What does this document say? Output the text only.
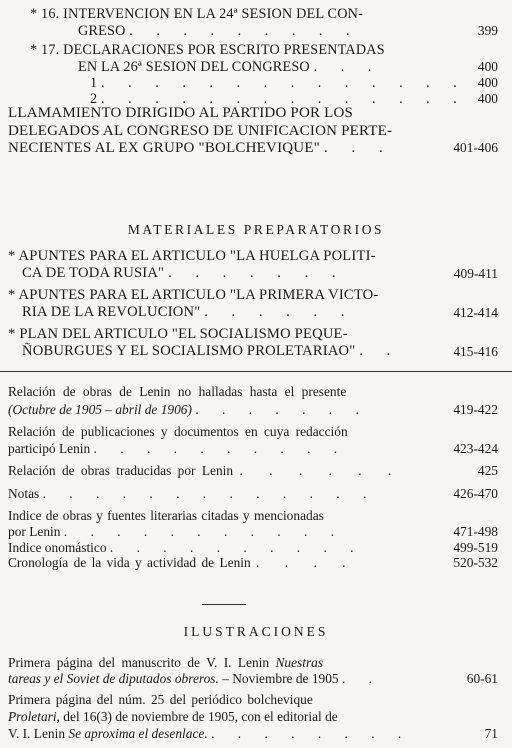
* 16. INTERVENCION EN LA 24ª SESION DEL CON-
GRESO . . . . . . . . .	399
* 17. DECLARACIONES POR ESCRITO PRESENTADAS
EN LA 26ª SESION DEL CONGRESO . . .	400
1 . . . . . . . . . . . . . . 400
2 . . . . . . . . . . . . . . 400
LLAMAMIENTO DIRIGIDO AL PARTIDO POR LOS
DELEGADOS AL CONGRESO DE UNIFICACION PERTE-
NECIENTES AL EX GRUPO "BOLCHEVIQUE" . . .	401-406
MATERIALES PREPARATORIOS
* APUNTES PARA EL ARTICULO "LA HUELGA POLITI-
CA DE TODA RUSIA" . . . . . . .	409-411
* APUNTES PARA EL ARTICULO "LA PRIMERA VICTO-
RIA DE LA REVOLUCION" . . . . . .	412-414
* PLAN DEL ARTICULO "EL SOCIALISMO PEQUE-
ÑOBURGUES Y EL SOCIALISMO PROLETARIAO" . .	415-416
Relación de obras de Lenin no halladas hasta el presente
(Octubre de 1905 – abril de 1906) . . . . . . .	419-422
Relación de publicaciones y documentos en cuya redacción
participó Lenin . . . . . . . . . .	423-424
Relación de obras traducidas por Lenin . . . . . .	425
Notas . . . . . . . . . . . . .	426-470
Indice de obras y fuentes literarias citadas y mencionadas
por Lenin . . . . . . . . . . .	471-498
Indice onomástico . . . . . . . . . .	499-519
Cronología de la vida y actividad de Lenin . . . .	520-532
ILUSTRACIONES
Primera página del manuscrito de V. I. Lenin Nuestras
tareas y el Soviet de diputados obreros. – Noviembre de 1905 . .	60-61
Primera página del núm. 25 del periódico bolchevique
Proletari, del 16(3) de noviembre de 1905, con el editorial de
V. I. Lenin Se aproxima el desenlace. . . . . . . . .	71
